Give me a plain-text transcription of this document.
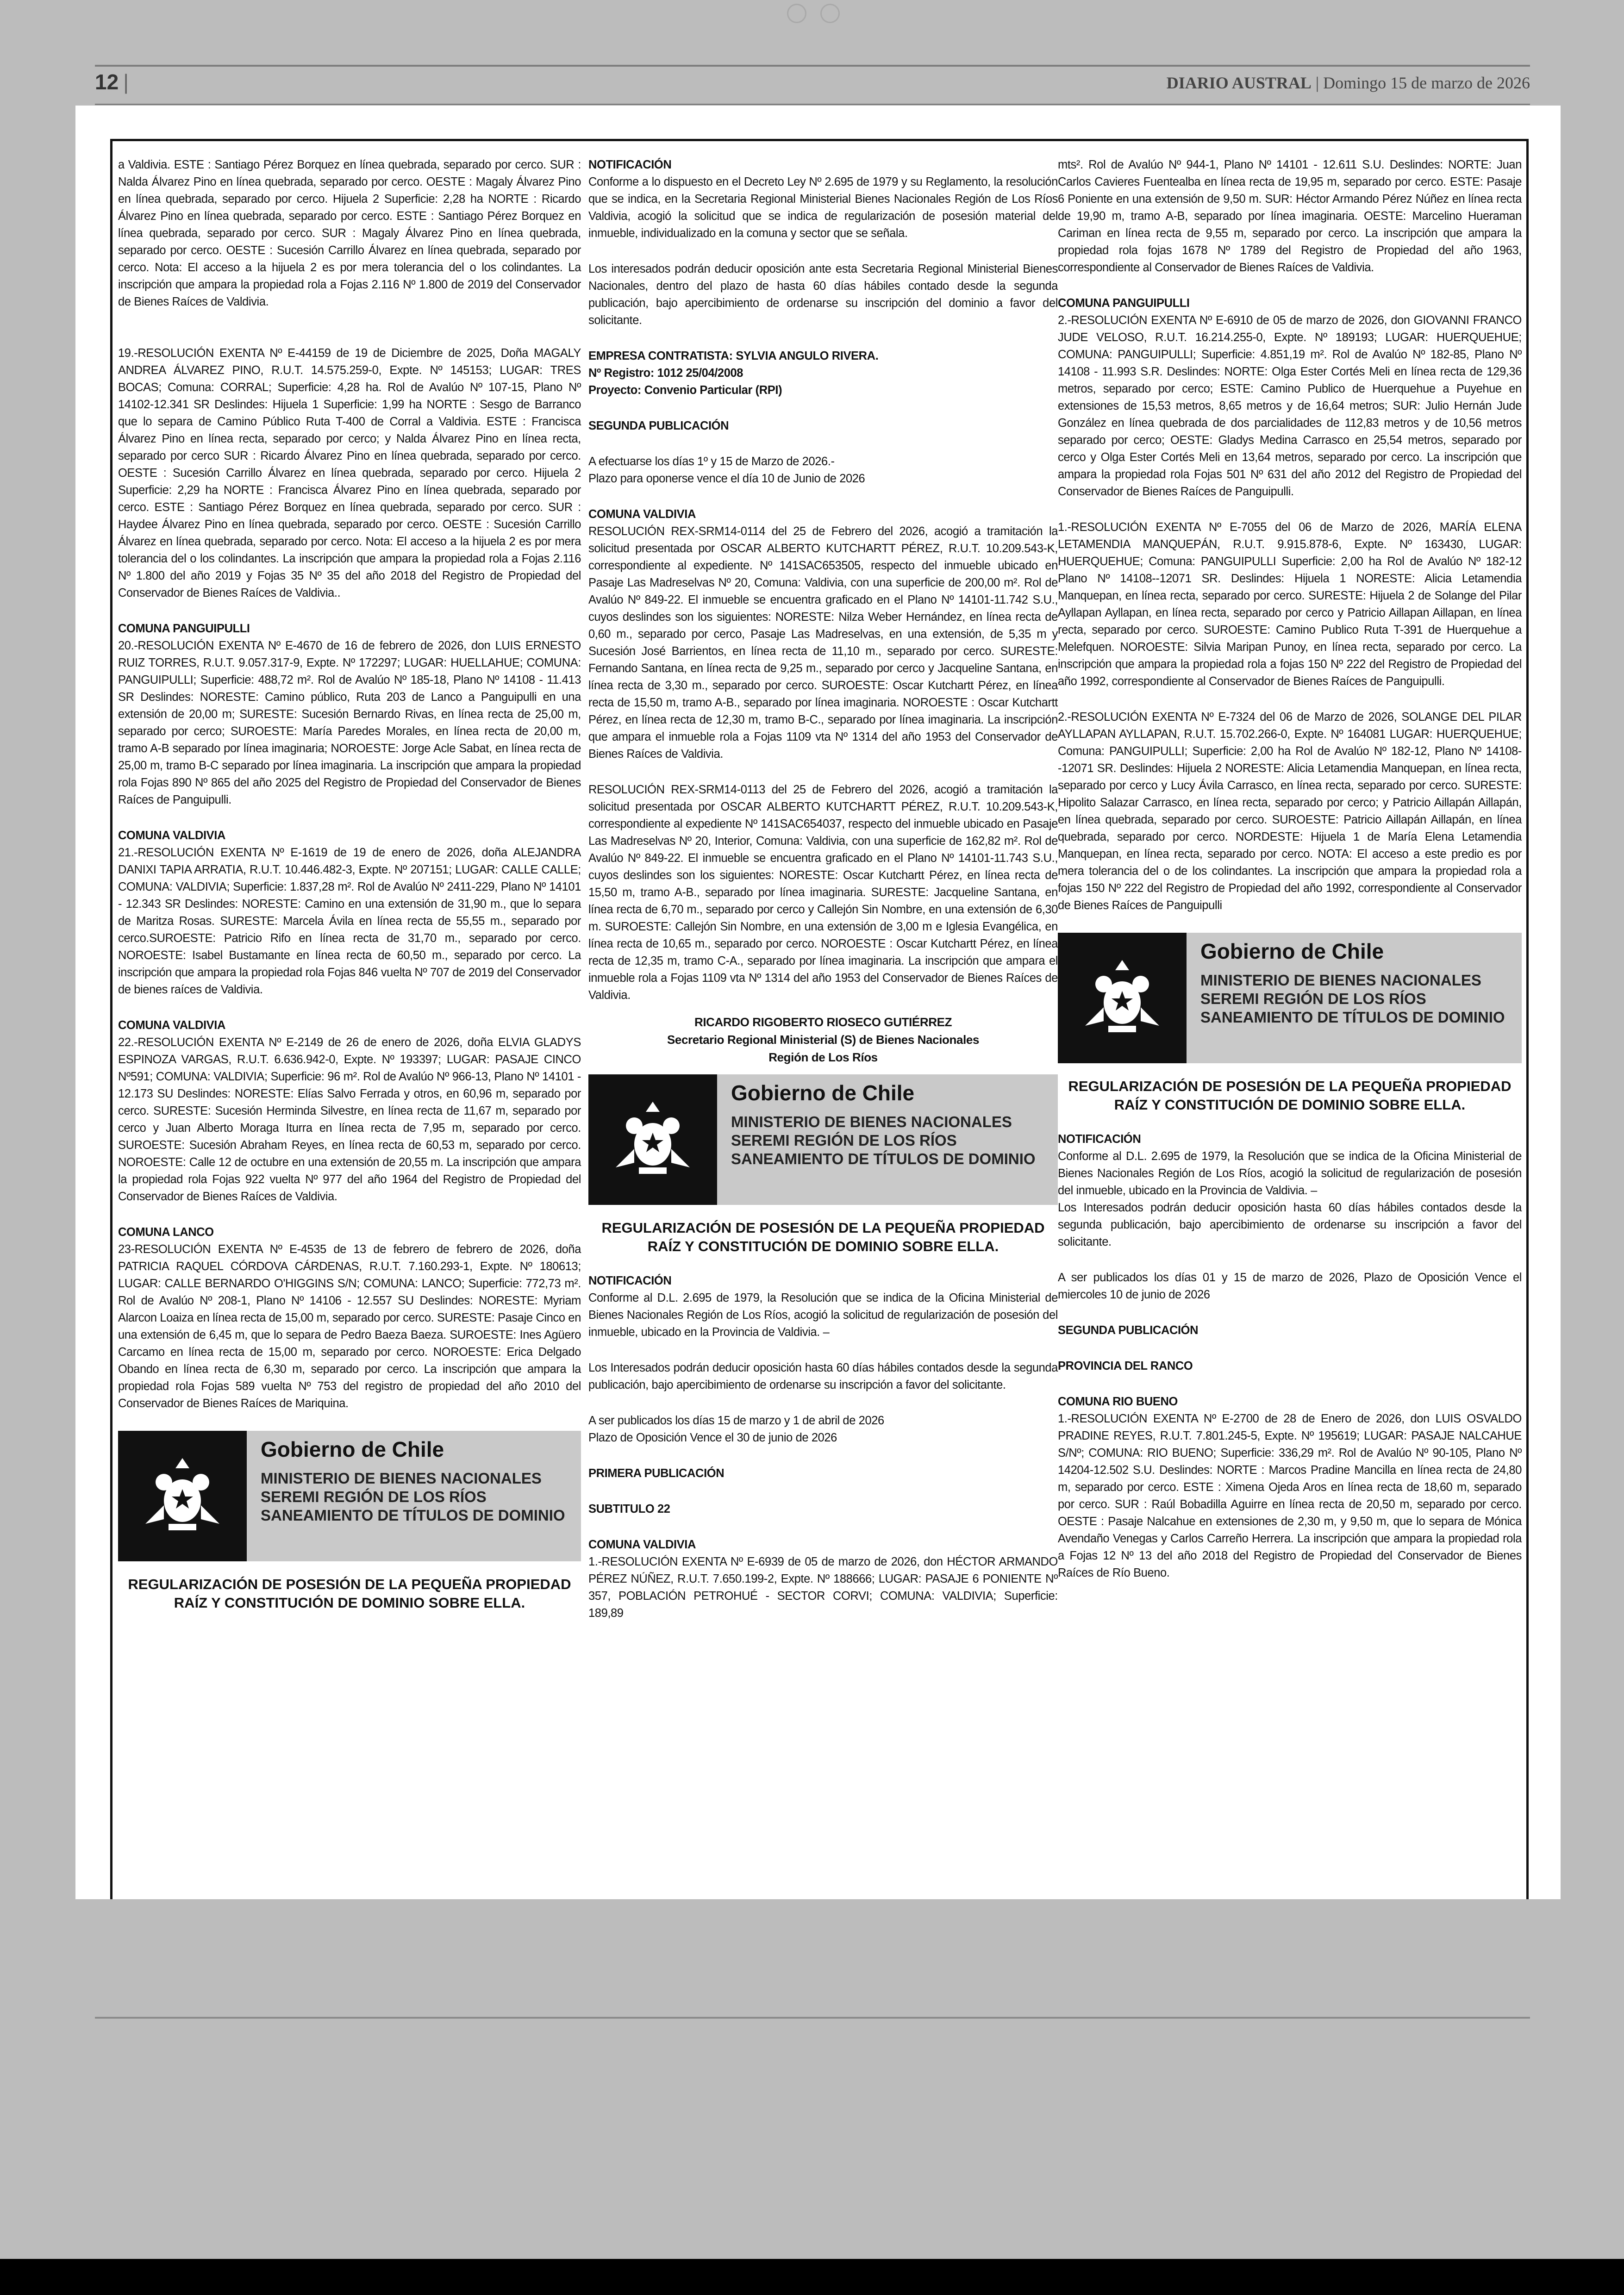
12 |	DIARIO AUSTRAL | Domingo 15 de marzo de 2026

a Valdivia. ESTE : Santiago Pérez Borquez en línea quebrada, separado por cerco. SUR : Nalda Álvarez Pino en línea quebrada, separado por cerco. OESTE : Magaly Álvarez Pino en línea quebrada, separado por cerco. Hijuela 2 Superficie: 2,28 ha NORTE : Ricardo Álvarez Pino en línea quebrada, separado por cerco. ESTE : Santiago Pérez Borquez en línea quebrada, separado por cerco. SUR : Magaly Álvarez Pino en línea quebrada, separado por cerco. OESTE : Sucesión Carrillo Álvarez en línea quebrada, separado por cerco. Nota: El acceso a la hijuela 2 es por mera tolerancia del o los colindantes. La inscripción que ampara la propiedad rola a Fojas 2.116 Nº 1.800 de 2019 del Conservador de Bienes Raíces de Valdivia.

19.-RESOLUCIÓN EXENTA Nº E-44159 de 19 de Diciembre de 2025, Doña MAGALY ANDREA ÁLVAREZ PINO, R.U.T. 14.575.259-0, Expte. Nº 145153; LUGAR: TRES BOCAS; Comuna: CORRAL; Superficie: 4,28 ha. Rol de Avalúo Nº 107-15, Plano Nº 14102-12.341 SR Deslindes: Hijuela 1 Superficie: 1,99 ha NORTE : Sesgo de Barranco que lo separa de Camino Público Ruta T-400 de Corral a Valdivia. ESTE : Francisca Álvarez Pino en línea recta, separado por cerco; y Nalda Álvarez Pino en línea recta, separado por cerco SUR : Ricardo Álvarez Pino en línea quebrada, separado por cerco. OESTE : Sucesión Carrillo Álvarez en línea quebrada, separado por cerco. Hijuela 2 Superficie: 2,29 ha NORTE : Francisca Álvarez Pino en línea quebrada, separado por cerco. ESTE : Santiago Pérez Borquez en línea quebrada, separado por cerco. SUR : Haydee Álvarez Pino en línea quebrada, separado por cerco. OESTE : Sucesión Carrillo Álvarez en línea quebrada, separado por cerco. Nota: El acceso a la hijuela 2 es por mera tolerancia del o los colindantes. La inscripción que ampara la propiedad rola a Fojas 2.116 Nº 1.800 del año 2019 y Fojas 35 Nº 35 del año 2018 del Registro de Propiedad del Conservador de Bienes Raíces de Valdivia..

COMUNA PANGUIPULLI

20.-RESOLUCIÓN EXENTA Nº E-4670 de 16 de febrero de 2026, don LUIS ERNESTO RUIZ TORRES, R.U.T. 9.057.317-9, Expte. Nº 172297; LUGAR: HUELLAHUE; COMUNA: PANGUIPULLI; Superficie: 488,72 m². Rol de Avalúo Nº 185-18, Plano Nº 14108 - 11.413 SR Deslindes: NORESTE: Camino público, Ruta 203 de Lanco a Panguipulli en una extensión de 20,00 m; SURESTE: Sucesión Bernardo Rivas, en línea recta de 25,00 m, separado por cerco; SUROESTE: María Paredes Morales, en línea recta de 20,00 m, tramo A-B separado por línea imaginaria; NOROESTE: Jorge Acle Sabat, en línea recta de 25,00 m, tramo B-C separado por línea imaginaria. La inscripción que ampara la propiedad rola Fojas 890 Nº 865 del año 2025 del Registro de Propiedad del Conservador de Bienes Raíces de Panguipulli.

COMUNA VALDIVIA

21.-RESOLUCIÓN EXENTA Nº E-1619 de 19 de enero de 2026, doña ALEJANDRA DANIXI TAPIA ARRATIA, R.U.T. 10.446.482-3, Expte. Nº 207151; LUGAR: CALLE CALLE; COMUNA: VALDIVIA; Superficie: 1.837,28 m². Rol de Avalúo Nº 2411-229, Plano Nº 14101 - 12.343 SR Deslindes: NORESTE: Camino en una extensión de 31,90 m., que lo separa de Maritza Rosas. SURESTE: Marcela Ávila en línea recta de 55,55 m., separado por cerco.SUROESTE: Patricio Rifo en línea recta de 31,70 m., separado por cerco. NOROESTE: Isabel Bustamante en línea recta de 60,50 m., separado por cerco. La inscripción que ampara la propiedad rola Fojas 846 vuelta Nº 707 de 2019 del Conservador de bienes raíces de Valdivia.

COMUNA VALDIVIA

22.-RESOLUCIÓN EXENTA Nº E-2149 de 26 de enero de 2026, doña ELVIA GLADYS ESPINOZA VARGAS, R.U.T. 6.636.942-0, Expte. Nº 193397; LUGAR: PASAJE CINCO Nº591; COMUNA: VALDIVIA; Superficie: 96 m². Rol de Avalúo Nº 966-13, Plano Nº 14101 - 12.173 SU Deslindes: NORESTE: Elías Salvo Ferrada y otros, en 60,96 m, separado por cerco. SURESTE: Sucesión Herminda Silvestre, en línea recta de 11,67 m, separado por cerco y Juan Alberto Moraga Iturra en línea recta de 7,95 m, separado por cerco. SUROESTE: Sucesión Abraham Reyes, en línea recta de 60,53 m, separado por cerco. NOROESTE: Calle 12 de octubre en una extensión de 20,55 m. La inscripción que ampara la propiedad rola Fojas 922 vuelta Nº 977 del año 1964 del Registro de Propiedad del Conservador de Bienes Raíces de Valdivia.

COMUNA LANCO

23-RESOLUCIÓN EXENTA Nº E-4535 de 13 de febrero de febrero de 2026, doña PATRICIA RAQUEL CÓRDOVA CÁRDENAS, R.U.T. 7.160.293-1, Expte. Nº 180613; LUGAR: CALLE BERNARDO O'HIGGINS S/N; COMUNA: LANCO; Superficie: 772,73 m². Rol de Avalúo Nº 208-1, Plano Nº 14106 - 12.557 SU Deslindes: NORESTE: Myriam Alarcon Loaiza en línea recta de 15,00 m, separado por cerco. SURESTE: Pasaje Cinco en una extensión de 6,45 m, que lo separa de Pedro Baeza Baeza. SUROESTE: Ines Agüero Carcamo en línea recta de 15,00 m, separado por cerco. NOROESTE: Erica Delgado Obando en línea recta de 6,30 m, separado por cerco. La inscripción que ampara la propiedad rola Fojas 589 vuelta Nº 753 del registro de propiedad del año 2010 del Conservador de Bienes Raíces de Mariquina.

Gobierno de Chile
MINISTERIO DE BIENES NACIONALES
SEREMI REGIÓN DE LOS RÍOS
SANEAMIENTO DE TÍTULOS DE DOMINIO
REGULARIZACIÓN DE POSESIÓN DE LA PEQUEÑA PROPIEDAD RAÍZ Y CONSTITUCIÓN DE DOMINIO SOBRE ELLA.
NOTIFICACIÓN

Conforme a lo dispuesto en el Decreto Ley Nº 2.695 de 1979 y su Reglamento, la resolución que se indica, en la Secretaria Regional Ministerial Bienes Nacionales Región de Los Ríos Valdivia, acogió la solicitud que se indica de regularización de posesión material del inmueble, individualizado en la comuna y sector que se señala.

Los interesados podrán deducir oposición ante esta Secretaria Regional Ministerial Bienes Nacionales, dentro del plazo de hasta 60 días hábiles contado desde la segunda publicación, bajo apercibimiento de ordenarse su inscripción del dominio a favor del solicitante.

EMPRESA CONTRATISTA: SYLVIA ANGULO RIVERA.
Nº Registro: 1012 25/04/2008
Proyecto: Convenio Particular (RPI)
SEGUNDA PUBLICACIÓN
A efectuarse los días 1º y 15 de Marzo de 2026.-
Plazo para oponerse vence el día 10 de Junio de 2026
COMUNA VALDIVIA

RESOLUCIÓN REX-SRM14-0114 del 25 de Febrero del 2026, acogió a tramitación la solicitud presentada por OSCAR ALBERTO KUTCHARTT PÉREZ, R.U.T. 10.209.543-K, correspondiente al expediente. Nº 141SAC653505, respecto del inmueble ubicado en Pasaje Las Madreselvas Nº 20, Comuna: Valdivia, con una superficie de 200,00 m². Rol de Avalúo Nº 849-22. El inmueble se encuentra graficado en el Plano Nº 14101-11.742 S.U., cuyos deslindes son los siguientes: NORESTE: Nilza Weber Hernández, en línea recta de 0,60 m., separado por cerco, Pasaje Las Madreselvas, en una extensión, de 5,35 m y Sucesión José Barrientos, en línea recta de 11,10 m., separado por cerco. SURESTE: Fernando Santana, en línea recta de 9,25 m., separado por cerco y Jacqueline Santana, en línea recta de 3,30 m., separado por cerco. SUROESTE: Oscar Kutchartt Pérez, en línea recta de 15,50 m, tramo A-B., separado por línea imaginaria. NOROESTE : Oscar Kutchartt Pérez, en línea recta de 12,30 m, tramo B-C., separado por línea imaginaria. La inscripción que ampara el inmueble rola a Fojas 1109 vta Nº 1314 del año 1953 del Conservador de Bienes Raíces de Valdivia.

RESOLUCIÓN REX-SRM14-0113 del 25 de Febrero del 2026, acogió a tramitación la solicitud presentada por OSCAR ALBERTO KUTCHARTT PÉREZ, R.U.T. 10.209.543-K, correspondiente al expediente Nº 141SAC654037, respecto del inmueble ubicado en Pasaje Las Madreselvas Nº 20, Interior, Comuna: Valdivia, con una superficie de 162,82 m². Rol de Avalúo Nº 849-22. El inmueble se encuentra graficado en el Plano Nº 14101-11.743 S.U., cuyos deslindes son los siguientes: NORESTE: Oscar Kutchartt Pérez, en línea recta de 15,50 m, tramo A-B., separado por línea imaginaria. SURESTE: Jacqueline Santana, en línea recta de 6,70 m., separado por cerco y Callejón Sin Nombre, en una extensión de 6,30 m. SUROESTE: Callejón Sin Nombre, en una extensión de 3,00 m e Iglesia Evangélica, en línea recta de 10,65 m., separado por cerco. NOROESTE : Oscar Kutchartt Pérez, en línea recta de 12,35 m, tramo C-A., separado por línea imaginaria. La inscripción que ampara el inmueble rola a Fojas 1109 vta Nº 1314 del año 1953 del Conservador de Bienes Raíces de Valdivia.

RICARDO RIGOBERTO RIOSECO GUTIÉRREZ
Secretario Regional Ministerial (S) de Bienes Nacionales
Región de Los Ríos
Gobierno de Chile
MINISTERIO DE BIENES NACIONALES
SEREMI REGIÓN DE LOS RÍOS
SANEAMIENTO DE TÍTULOS DE DOMINIO
REGULARIZACIÓN DE POSESIÓN DE LA PEQUEÑA PROPIEDAD RAÍZ Y CONSTITUCIÓN DE DOMINIO SOBRE ELLA.
NOTIFICACIÓN

Conforme al D.L. 2.695 de 1979, la Resolución que se indica de la Oficina Ministerial de Bienes Nacionales Región de Los Ríos, acogió la solicitud de regularización de posesión del inmueble, ubicado en la Provincia de Valdivia. –

Los Interesados podrán deducir oposición hasta 60 días hábiles contados desde la segunda publicación, bajo apercibimiento de ordenarse su inscripción a favor del solicitante.

A ser publicados los días 15 de marzo y 1 de abril de 2026
Plazo de Oposición Vence el 30 de junio de 2026
PRIMERA PUBLICACIÓN
SUBTITULO 22
COMUNA VALDIVIA

1.-RESOLUCIÓN EXENTA Nº E-6939 de 05 de marzo de 2026, don HÉCTOR ARMANDO PÉREZ NÚÑEZ, R.U.T. 7.650.199-2, Expte. Nº 188666; LUGAR: PASAJE 6 PONIENTE Nº 357, POBLACIÓN PETROHUÉ - SECTOR CORVI; COMUNA: VALDIVIA; Superficie: 189,89

mts². Rol de Avalúo Nº 944-1, Plano Nº 14101 - 12.611 S.U. Deslindes: NORTE: Juan Carlos Cavieres Fuentealba en línea recta de 19,95 m, separado por cerco. ESTE: Pasaje 6 Poniente en una extensión de 9,50 m. SUR: Héctor Armando Pérez Núñez en línea recta de 19,90 m, tramo A-B, separado por línea imaginaria. OESTE: Marcelino Hueraman Cariman en línea recta de 9,55 m, separado por cerco. La inscripción que ampara la propiedad rola fojas 1678 Nº 1789 del Registro de Propiedad del año 1963, correspondiente al Conservador de Bienes Raíces de Valdivia.

COMUNA PANGUIPULLI

2.-RESOLUCIÓN EXENTA Nº E-6910 de 05 de marzo de 2026, don GIOVANNI FRANCO JUDE VELOSO, R.U.T. 16.214.255-0, Expte. Nº 189193; LUGAR: HUERQUEHUE; COMUNA: PANGUIPULLI; Superficie: 4.851,19 m². Rol de Avalúo Nº 182-85, Plano Nº 14108 - 11.993 S.R. Deslindes: NORTE: Olga Ester Cortés Meli en línea recta de 129,36 metros, separado por cerco; ESTE: Camino Publico de Huerquehue a Puyehue en extensiones de 15,53 metros, 8,65 metros y de 16,64 metros; SUR: Julio Hernán Jude González en línea quebrada de dos parcialidades de 112,83 metros y de 10,56 metros separado por cerco; OESTE: Gladys Medina Carrasco en 25,54 metros, separado por cerco y Olga Ester Cortés Meli en 13,64 metros, separado por cerco. La inscripción que ampara la propiedad rola Fojas 501 Nº 631 del año 2012 del Registro de Propiedad del Conservador de Bienes Raíces de Panguipulli.

1.-RESOLUCIÓN EXENTA Nº E-7055 del 06 de Marzo de 2026, MARÍA ELENA LETAMENDIA MANQUEPÁN, R.U.T. 9.915.878-6, Expte. Nº 163430, LUGAR: HUERQUEHUE; Comuna: PANGUIPULLI Superficie: 2,00 ha Rol de Avalúo Nº 182-12 Plano Nº 14108--12071 SR. Deslindes: Hijuela 1 NORESTE: Alicia Letamendia Manquepan, en línea recta, separado por cerco. SURESTE: Hijuela 2 de Solange del Pilar Ayllapan Ayllapan, en línea recta, separado por cerco y Patricio Aillapan Aillapan, en línea recta, separado por cerco. SUROESTE: Camino Publico Ruta T-391 de Huerquehue a Melefquen. NOROESTE: Silvia Maripan Punoy, en línea recta, separado por cerco. La inscripción que ampara la propiedad rola a fojas 150 Nº 222 del Registro de Propiedad del año 1992, correspondiente al Conservador de Bienes Raíces de Panguipulli.

2.-RESOLUCIÓN EXENTA Nº E-7324 del 06 de Marzo de 2026, SOLANGE DEL PILAR AYLLAPAN AYLLAPAN, R.U.T. 15.702.266-0, Expte. Nº 164081 LUGAR: HUERQUEHUE; Comuna: PANGUIPULLI; Superficie: 2,00 ha Rol de Avalúo Nº 182-12, Plano Nº 14108--12071 SR. Deslindes: Hijuela 2 NORESTE: Alicia Letamendia Manquepan, en línea recta, separado por cerco y Lucy Ávila Carrasco, en línea recta, separado por cerco. SURESTE: Hipolito Salazar Carrasco, en línea recta, separado por cerco; y Patricio Aillapán Aillapán, en línea quebrada, separado por cerco. SUROESTE: Patricio Aillapán Aillapán, en línea quebrada, separado por cerco. NORDESTE: Hijuela 1 de María Elena Letamendia Manquepan, en línea recta, separado por cerco. NOTA: El acceso a este predio es por mera tolerancia del o de los colindantes. La inscripción que ampara la propiedad rola a fojas 150 Nº 222 del Registro de Propiedad del año 1992, correspondiente al Conservador de Bienes Raíces de Panguipulli

Gobierno de Chile
MINISTERIO DE BIENES NACIONALES
SEREMI REGIÓN DE LOS RÍOS
SANEAMIENTO DE TÍTULOS DE DOMINIO
REGULARIZACIÓN DE POSESIÓN DE LA PEQUEÑA PROPIEDAD RAÍZ Y CONSTITUCIÓN DE DOMINIO SOBRE ELLA.
NOTIFICACIÓN

Conforme al D.L. 2.695 de 1979, la Resolución que se indica de la Oficina Ministerial de Bienes Nacionales Región de Los Ríos, acogió la solicitud de regularización de posesión del inmueble, ubicado en la Provincia de Valdivia. –

Los Interesados podrán deducir oposición hasta 60 días hábiles contados desde la segunda publicación, bajo apercibimiento de ordenarse su inscripción a favor del solicitante.

A ser publicados los días 01 y 15 de marzo de 2026, Plazo de Oposición Vence el miercoles 10 de junio de 2026

SEGUNDA PUBLICACIÓN
PROVINCIA DEL RANCO
COMUNA RIO BUENO

1.-RESOLUCIÓN EXENTA Nº E-2700 de 28 de Enero de 2026, don LUIS OSVALDO PRADINE REYES, R.U.T. 7.801.245-5, Expte. Nº 195619; LUGAR: PASAJE NALCAHUE S/Nº; COMUNA: RIO BUENO; Superficie: 336,29 m². Rol de Avalúo Nº 90-105, Plano Nº 14204-12.502 S.U. Deslindes: NORTE : Marcos Pradine Mancilla en línea recta de 24,80 m, separado por cerco. ESTE : Ximena Ojeda Aros en línea recta de 18,60 m, separado por cerco. SUR : Raúl Bobadilla Aguirre en línea recta de 20,50 m, separado por cerco. OESTE : Pasaje Nalcahue en extensiones de 2,30 m, y 9,50 m, que lo separa de Mónica Avendaño Venegas y Carlos Carreño Herrera. La inscripción que ampara la propiedad rola a Fojas 12 Nº 13 del año 2018 del Registro de Propiedad del Conservador de Bienes Raíces de Río Bueno.
